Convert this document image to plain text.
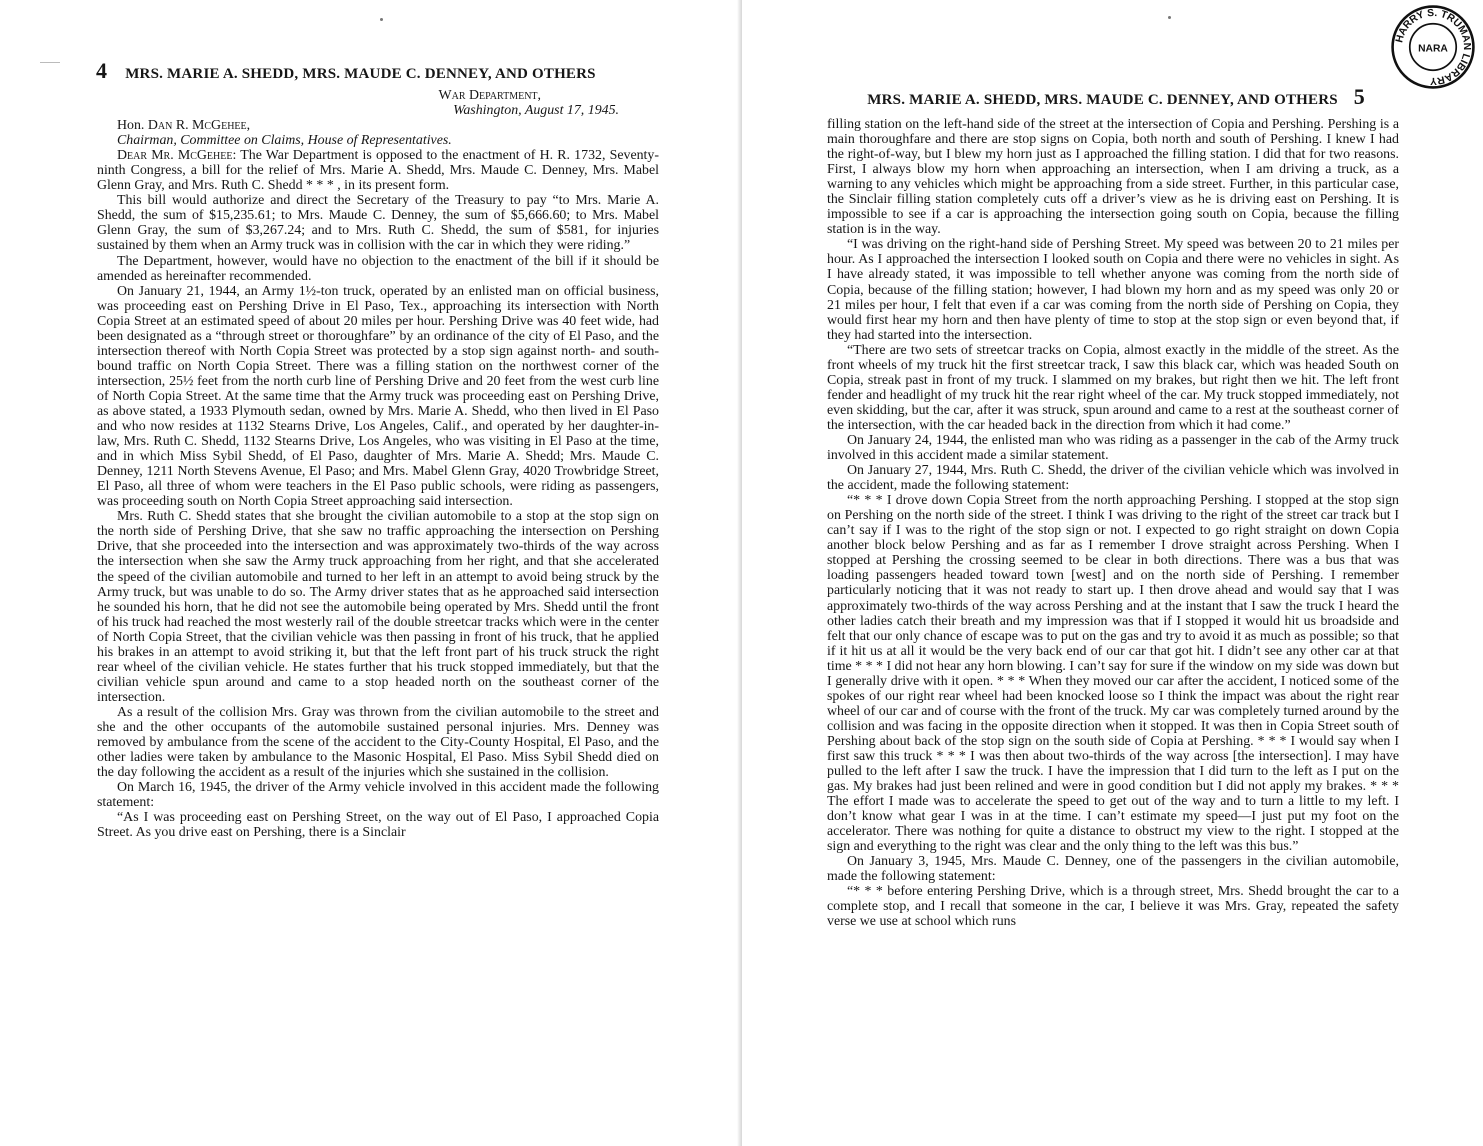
4 MRS. MARIE A. SHEDD, MRS. MAUDE C. DENNEY, AND OTHERS

War Department,

Washington, August 17, 1945.

Hon. Dan R. McGehee,

Chairman, Committee on Claims, House of Representatives.

Dear Mr. McGehee: The War Department is opposed to the enactment of H. R. 1732, Seventy-ninth Congress, a bill for the relief of Mrs. Marie A. Shedd, Mrs. Maude C. Denney, Mrs. Mabel Glenn Gray, and Mrs. Ruth C. Shedd * * * , in its present form.

This bill would authorize and direct the Secretary of the Treasury to pay “to Mrs. Marie A. Shedd, the sum of $15,235.61; to Mrs. Maude C. Denney, the sum of $5,666.60; to Mrs. Mabel Glenn Gray, the sum of $3,267.24; and to Mrs. Ruth C. Shedd, the sum of $581, for injuries sustained by them when an Army truck was in collision with the car in which they were riding.”

The Department, however, would have no objection to the enactment of the bill if it should be amended as hereinafter recommended.

On January 21, 1944, an Army 1½-ton truck, operated by an enlisted man on official business, was proceeding east on Pershing Drive in El Paso, Tex., approaching its intersection with North Copia Street at an estimated speed of about 20 miles per hour. Pershing Drive was 40 feet wide, had been designated as a “through street or thoroughfare” by an ordinance of the city of El Paso, and the intersection thereof with North Copia Street was protected by a stop sign against north- and south-bound traffic on North Copia Street. There was a filling station on the northwest corner of the intersection, 25½ feet from the north curb line of Pershing Drive and 20 feet from the west curb line of North Copia Street. At the same time that the Army truck was proceeding east on Pershing Drive, as above stated, a 1933 Plymouth sedan, owned by Mrs. Marie A. Shedd, who then lived in El Paso and who now resides at 1132 Stearns Drive, Los Angeles, Calif., and operated by her daughter-in-law, Mrs. Ruth C. Shedd, 1132 Stearns Drive, Los Angeles, who was visiting in El Paso at the time, and in which Miss Sybil Shedd, of El Paso, daughter of Mrs. Marie A. Shedd; Mrs. Maude C. Denney, 1211 North Stevens Avenue, El Paso; and Mrs. Mabel Glenn Gray, 4020 Trowbridge Street, El Paso, all three of whom were teachers in the El Paso public schools, were riding as passengers, was proceeding south on North Copia Street approaching said intersection.

Mrs. Ruth C. Shedd states that she brought the civilian automobile to a stop at the stop sign on the north side of Pershing Drive, that she saw no traffic approaching the intersection on Pershing Drive, that she proceeded into the intersection and was approximately two-thirds of the way across the intersection when she saw the Army truck approaching from her right, and that she accelerated the speed of the civilian automobile and turned to her left in an attempt to avoid being struck by the Army truck, but was unable to do so. The Army driver states that as he approached said intersection he sounded his horn, that he did not see the automobile being operated by Mrs. Shedd until the front of his truck had reached the most westerly rail of the double streetcar tracks which were in the center of North Copia Street, that the civilian vehicle was then passing in front of his truck, that he applied his brakes in an attempt to avoid striking it, but that the left front part of his truck struck the right rear wheel of the civilian vehicle. He states further that his truck stopped immediately, but that the civilian vehicle spun around and came to a stop headed north on the southeast corner of the intersection.

As a result of the collision Mrs. Gray was thrown from the civilian automobile to the street and she and the other occupants of the automobile sustained personal injuries. Mrs. Denney was removed by ambulance from the scene of the accident to the City-County Hospital, El Paso, and the other ladies were taken by ambulance to the Masonic Hospital, El Paso. Miss Sybil Shedd died on the day following the accident as a result of the injuries which she sustained in the collision.

On March 16, 1945, the driver of the Army vehicle involved in this accident made the following statement:

“As I was proceeding east on Pershing Street, on the way out of El Paso, I approached Copia Street. As you drive east on Pershing, there is a Sinclair

MRS. MARIE A. SHEDD, MRS. MAUDE C. DENNEY, AND OTHERS 5

filling station on the left-hand side of the street at the intersection of Copia and Pershing. Pershing is a main thoroughfare and there are stop signs on Copia, both north and south of Pershing. I knew I had the right-of-way, but I blew my horn just as I approached the filling station. I did that for two reasons. First, I always blow my horn when approaching an intersection, when I am driving a truck, as a warning to any vehicles which might be approaching from a side street. Further, in this particular case, the Sinclair filling station completely cuts off a driver’s view as he is driving east on Pershing. It is impossible to see if a car is approaching the intersection going south on Copia, because the filling station is in the way.

“I was driving on the right-hand side of Pershing Street. My speed was between 20 to 21 miles per hour. As I approached the intersection I looked south on Copia and there were no vehicles in sight. As I have already stated, it was impossible to tell whether anyone was coming from the north side of Copia, because of the filling station; however, I had blown my horn and as my speed was only 20 or 21 miles per hour, I felt that even if a car was coming from the north side of Pershing on Copia, they would first hear my horn and then have plenty of time to stop at the stop sign or even beyond that, if they had started into the intersection.

“There are two sets of streetcar tracks on Copia, almost exactly in the middle of the street. As the front wheels of my truck hit the first streetcar track, I saw this black car, which was headed South on Copia, streak past in front of my truck. I slammed on my brakes, but right then we hit. The left front fender and headlight of my truck hit the rear right wheel of the car. My truck stopped immediately, not even skidding, but the car, after it was struck, spun around and came to a rest at the southeast corner of the intersection, with the car headed back in the direction from which it had come.”

On January 24, 1944, the enlisted man who was riding as a passenger in the cab of the Army truck involved in this accident made a similar statement.

On January 27, 1944, Mrs. Ruth C. Shedd, the driver of the civilian vehicle which was involved in the accident, made the following statement:

“* * * I drove down Copia Street from the north approaching Pershing. I stopped at the stop sign on Pershing on the north side of the street. I think I was driving to the right of the street car track but I can’t say if I was to the right of the stop sign or not. I expected to go right straight on down Copia another block below Pershing and as far as I remember I drove straight across Pershing. When I stopped at Pershing the crossing seemed to be clear in both directions. There was a bus that was loading passengers headed toward town [west] and on the north side of Pershing. I remember particularly noticing that it was not ready to start up. I then drove ahead and would say that I was approximately two-thirds of the way across Pershing and at the instant that I saw the truck I heard the other ladies catch their breath and my impression was that if I stopped it would hit us broadside and felt that our only chance of escape was to put on the gas and try to avoid it as much as possible; so that if it hit us at all it would be the very back end of our car that got hit. I didn’t see any other car at that time * * * I did not hear any horn blowing. I can’t say for sure if the window on my side was down but I generally drive with it open. * * * When they moved our car after the accident, I noticed some of the spokes of our right rear wheel had been knocked loose so I think the impact was about the right rear wheel of our car and of course with the front of the truck. My car was completely turned around by the collision and was facing in the opposite direction when it stopped. It was then in Copia Street south of Pershing about back of the stop sign on the south side of Copia at Pershing. * * * I would say when I first saw this truck * * * I was then about two-thirds of the way across [the intersection]. I may have pulled to the left after I saw the truck. I have the impression that I did turn to the left as I put on the gas. My brakes had just been relined and were in good condition but I did not apply my brakes. * * * The effort I made was to accelerate the speed to get out of the way and to turn a little to my left. I don’t know what gear I was in at the time. I can’t estimate my speed—I just put my foot on the accelerator. There was nothing for quite a distance to obstruct my view to the right. I stopped at the sign and everything to the right was clear and the only thing to the left was this bus.”

On January 3, 1945, Mrs. Maude C. Denney, one of the passengers in the civilian automobile, made the following statement:

“* * * before entering Pershing Drive, which is a through street, Mrs. Shedd brought the car to a complete stop, and I recall that someone in the car, I believe it was Mrs. Gray, repeated the safety verse we use at school which runs

HARRY S. TRUMAN LIBRARY
NARA
